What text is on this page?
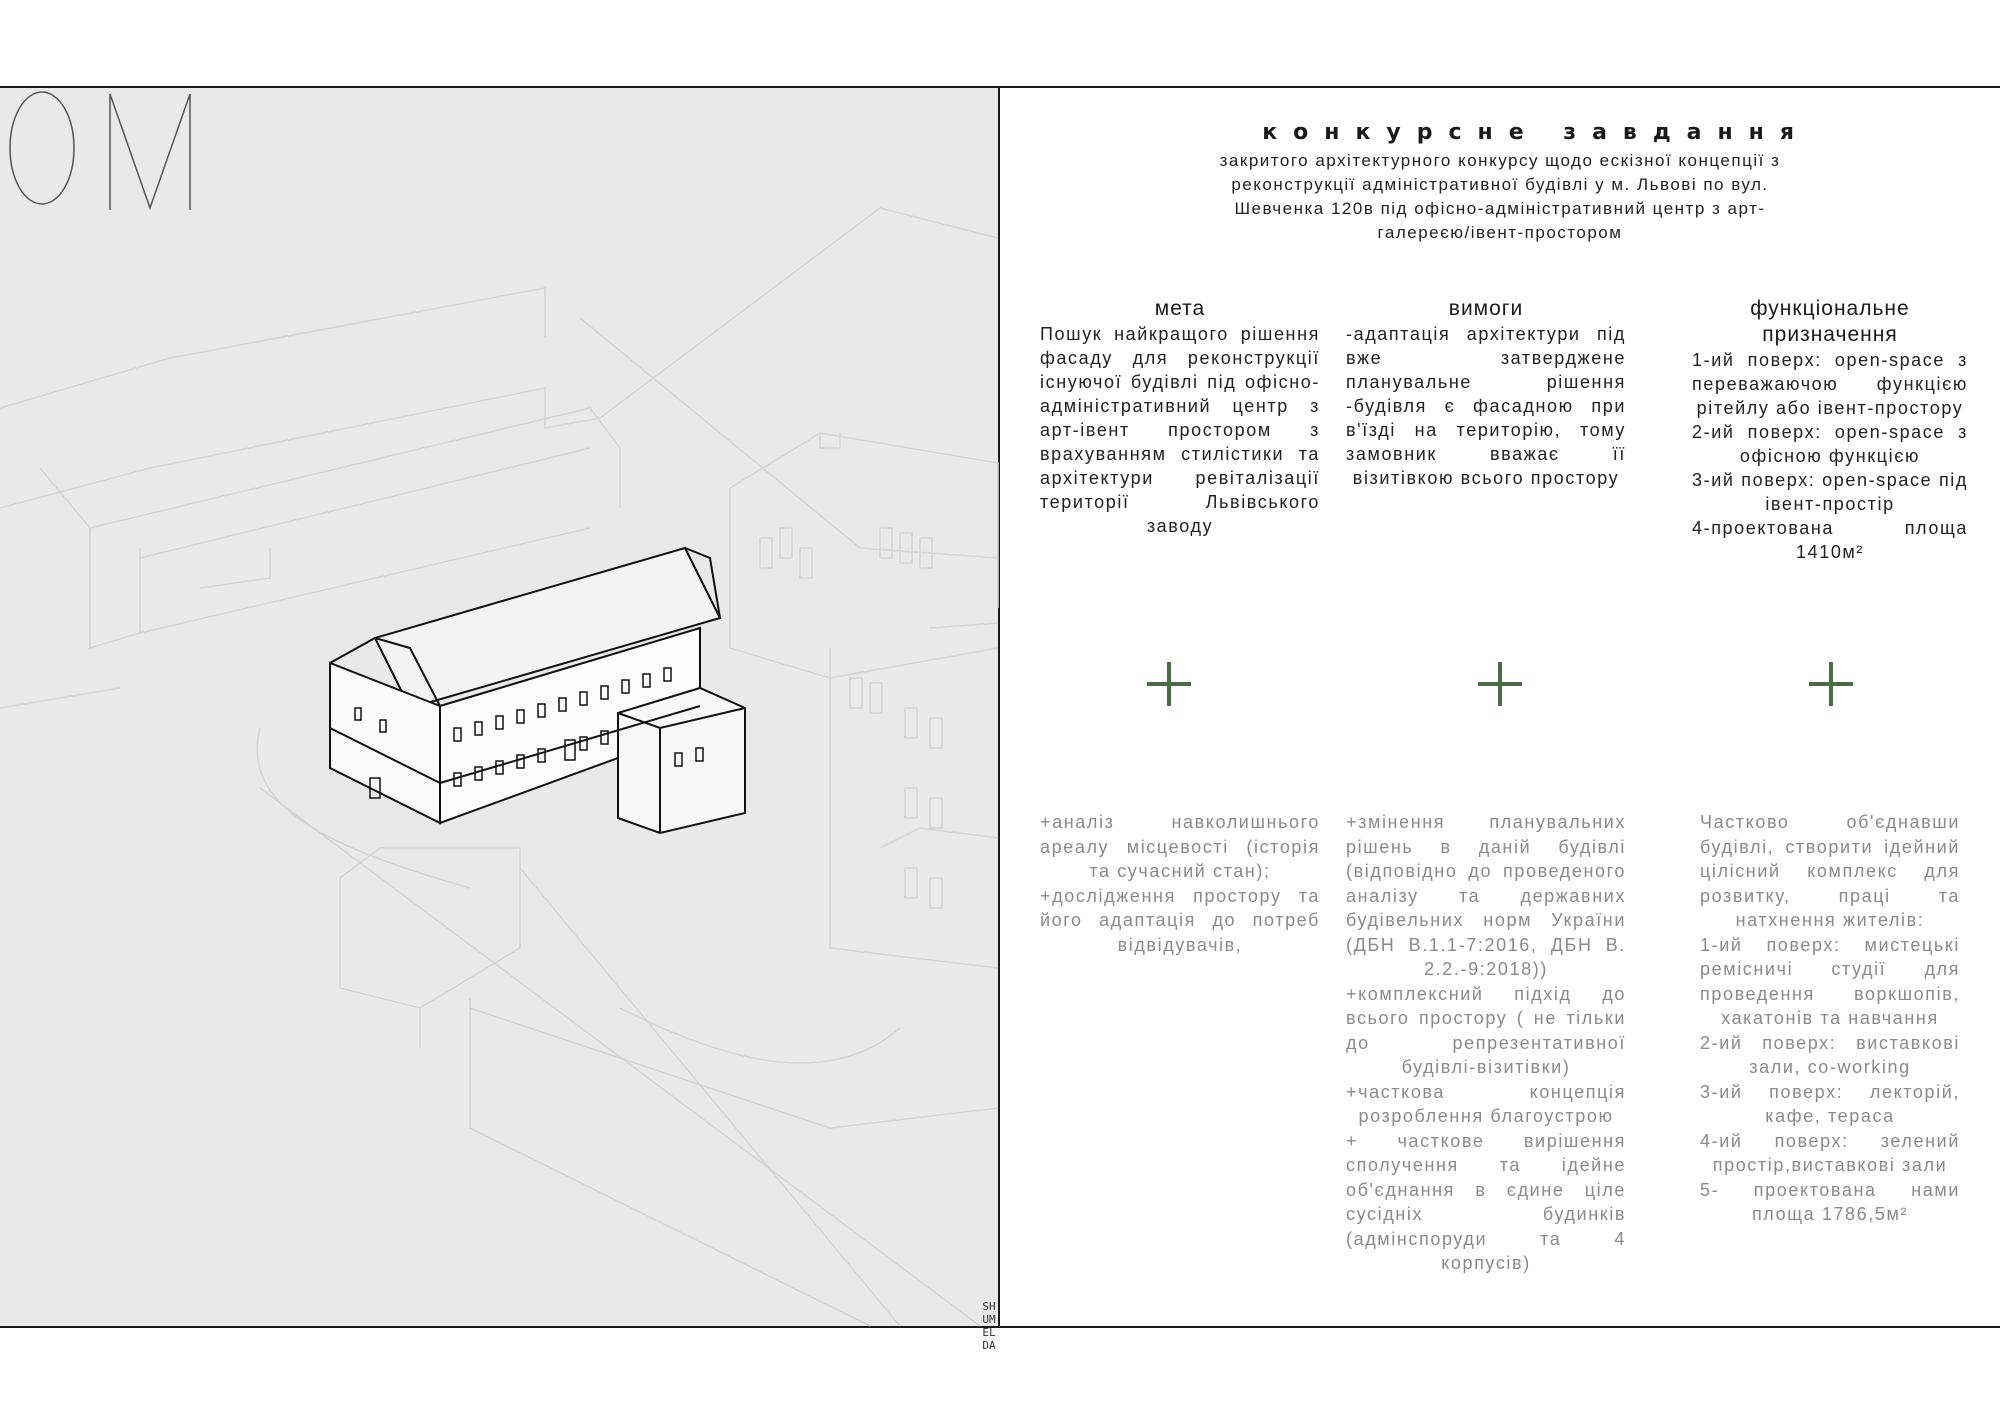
SHUMELDA
конкурсне завдання
закритого архітектурного конкурсу щодо ескізної концепції з реконструкції адміністративної будівлі у м. Львові по вул. Шевченка 120в під офісно-адміністративний центр з арт-галереєю/івент-простором
мета
Пошук найкращого рішення фасаду для реконструкції існуючої будівлі під офісно-адміністративний центр з арт-івент простором з врахуванням стилістики та архітектури ревіталізації території Львівського заводу
вимоги
-адаптація архітектури під вже затверджене планувальне рішення -будівля є фасадною при в'їзді на територію, тому замовник вважає її візитівкою всього простору
функціональне призначення
1-ий поверх: open-space з переважаючою функцією рітейлу або івент-простору
2-ий поверх: open-space з офісною функцією
3-ий поверх: open-space під івент-простір
4-проектована площа 1410м²
+аналіз навколишнього ареалу місцевості (історія та сучасний стан);
+дослідження простору та його адаптація до потреб відвідувачів,
+змінення планувальних рішень в даній будівлі (відповідно до проведеного аналізу та державних будівельних норм України (ДБН В.1.1-7:2016, ДБН В. 2.2.-9:2018))
+комплексний підхід до всього простору ( не тільки до репрезентативної будівлі-візитівки)
+часткова концепція розроблення благоустрою
+ часткове вирішення сполучення та ідейне об'єднання в єдине ціле сусідніх будинків (адмінспоруди та 4 корпусів)
Частково об'єднавши будівлі, створити ідейний цілісний комплекс для розвитку, праці та натхнення жителів:
1-ий поверх: мистецькі ремісничі студії для проведення воркшопів, хакатонів та навчання
2-ий поверх: виставкові зали, co-working
3-ий поверх: лекторій, кафе, тераса
4-ий поверх: зелений простір,виставкові зали
5- проектована нами площа 1786,5м²
